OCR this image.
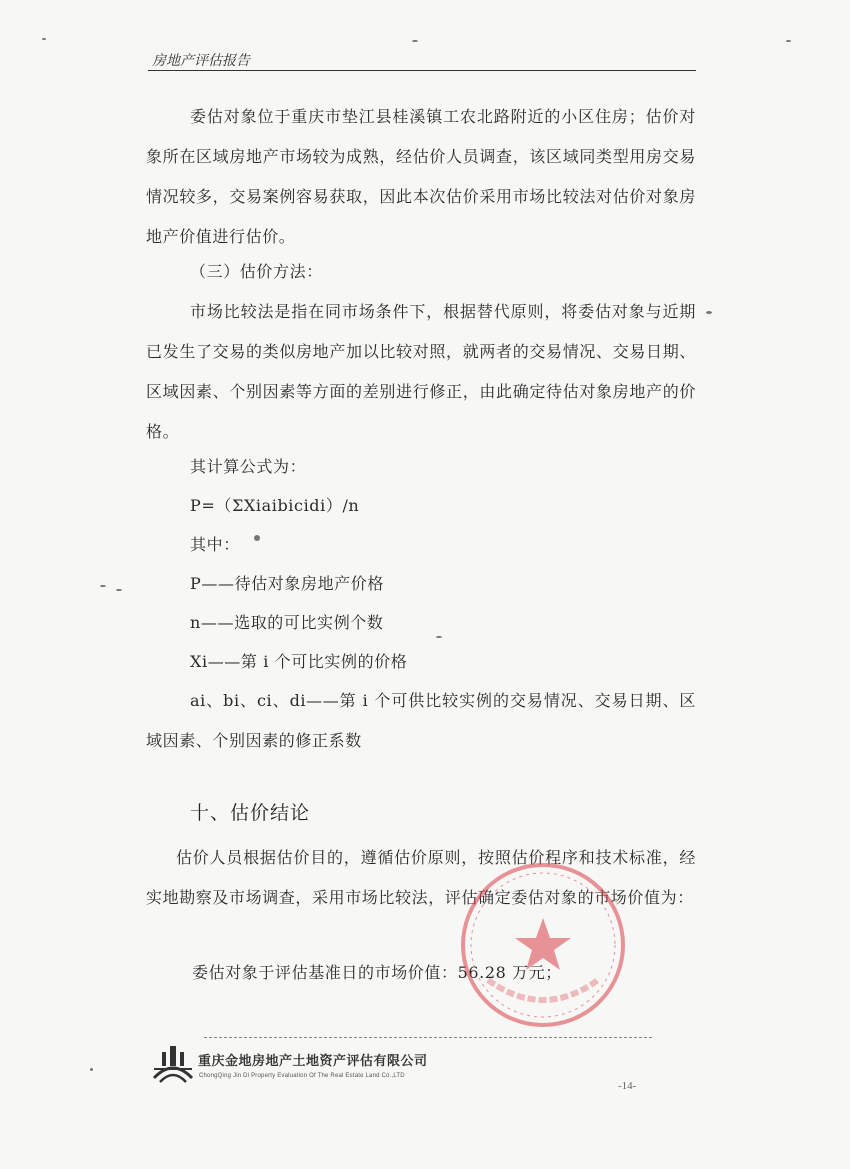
房地产评估报告

委估对象位于重庆市垫江县桂溪镇工农北路附近的小区住房；估价对象所在区域房地产市场较为成熟，经估价人员调查，该区域同类型用房交易情况较多，交易案例容易获取，因此本次估价采用市场比较法对估价对象房地产价值进行估价。

（三）估价方法：

市场比较法是指在同市场条件下，根据替代原则，将委估对象与近期已发生了交易的类似房地产加以比较对照，就两者的交易情况、交易日期、区域因素、个别因素等方面的差别进行修正，由此确定待估对象房地产的价格。

其计算公式为：
P=（ΣXiaibicidi）/n
其中：
P——待估对象房地产价格
n——选取的可比实例个数
Xi——第 i 个可比实例的价格

ai、bi、ci、di——第 i 个可供比较实例的交易情况、交易日期、区域因素、个别因素的修正系数

十、估价结论

估价人员根据估价目的，遵循估价原则，按照估价程序和技术标准，经实地勘察及市场调查，采用市场比较法，评估确定委估对象的市场价值为：

委估对象于评估基准日的市场价值：56.28 万元；
重庆金地房地产土地资产评估有限公司
ChongQing Jin Di Property Evaluation Of The Real Estate Land Co.,LTD
-14-
